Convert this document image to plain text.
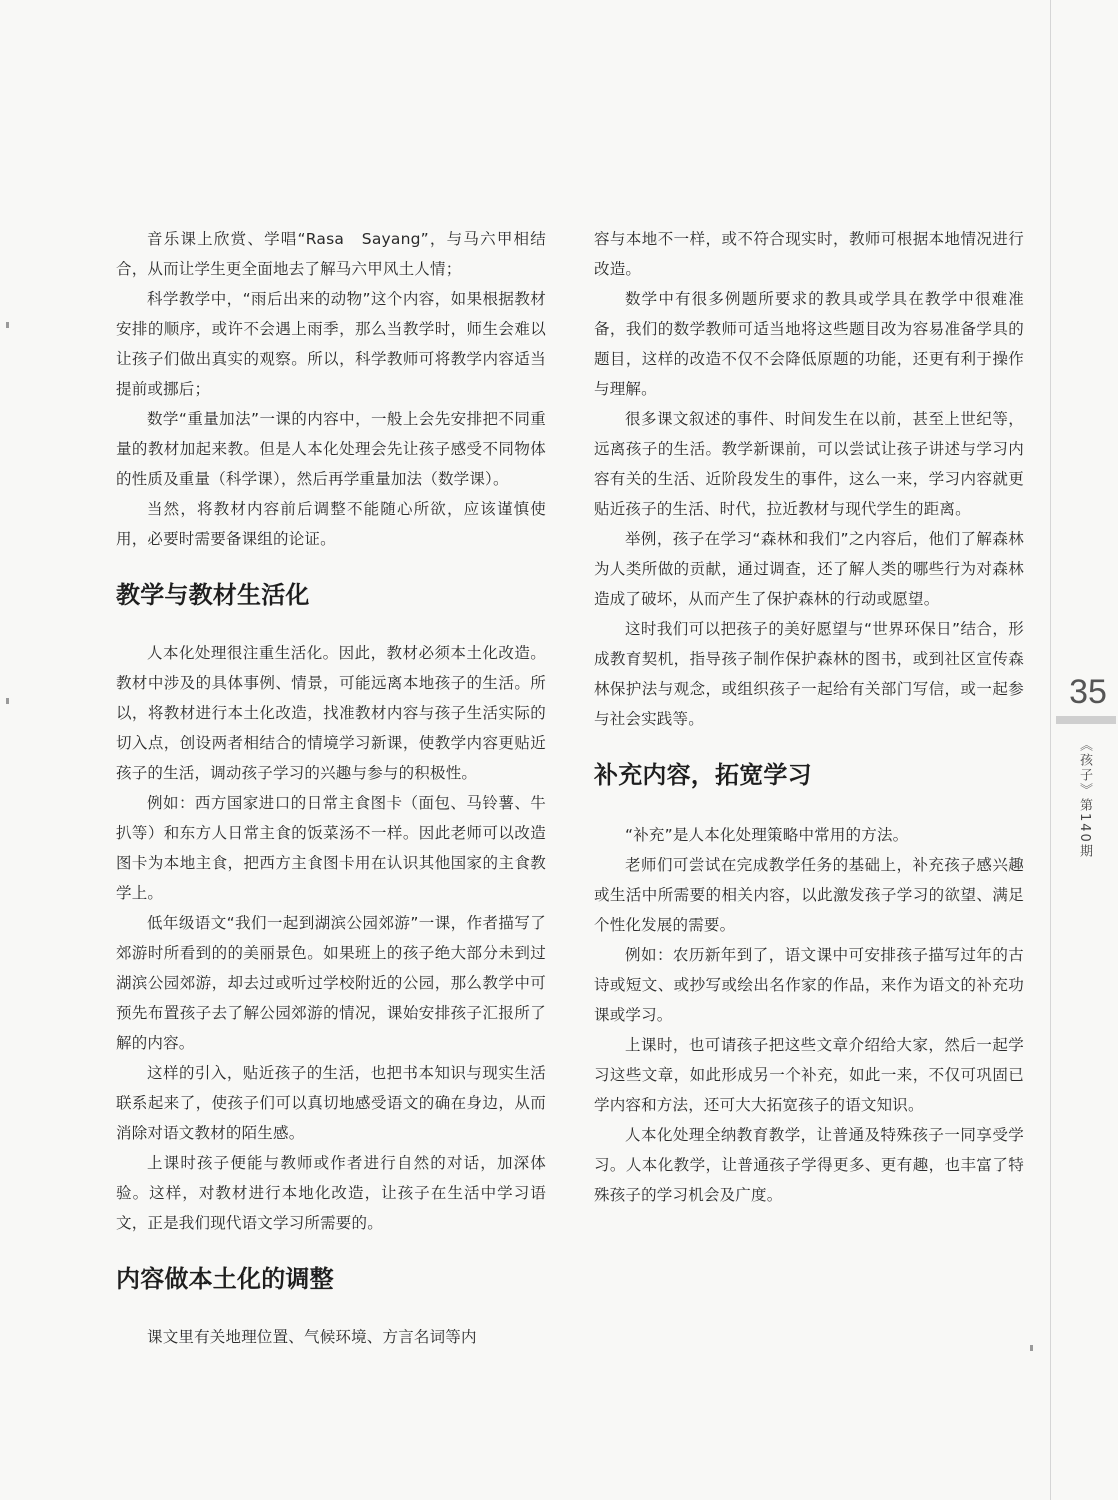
音乐课上欣赏、学唱“Rasa　Sayang”，与马六甲相结合，从而让学生更全面地去了解马六甲风土人情；

科学教学中，“雨后出来的动物”这个内容，如果根据教材安排的顺序，或许不会遇上雨季，那么当教学时，师生会难以让孩子们做出真实的观察。所以，科学教师可将教学内容适当提前或挪后；

数学“重量加法”一课的内容中，一般上会先安排把不同重量的教材加起来教。但是人本化处理会先让孩子感受不同物体的性质及重量（科学课），然后再学重量加法（数学课）。

当然，将教材内容前后调整不能随心所欲，应该谨慎使用，必要时需要备课组的论证。

教学与教材生活化

人本化处理很注重生活化。因此，教材必须本土化改造。教材中涉及的具体事例、情景，可能远离本地孩子的生活。所以，将教材进行本土化改造，找准教材内容与孩子生活实际的切入点，创设两者相结合的情境学习新课，使教学内容更贴近孩子的生活，调动孩子学习的兴趣与参与的积极性。

例如：西方国家进口的日常主食图卡（面包、马铃薯、牛扒等）和东方人日常主食的饭菜汤不一样。因此老师可以改造图卡为本地主食，把西方主食图卡用在认识其他国家的主食教学上。

低年级语文“我们一起到湖滨公园郊游”一课，作者描写了郊游时所看到的的美丽景色。如果班上的孩子绝大部分未到过湖滨公园郊游，却去过或听过学校附近的公园，那么教学中可预先布置孩子去了解公园郊游的情况，课始安排孩子汇报所了解的内容。

这样的引入，贴近孩子的生活，也把书本知识与现实生活联系起来了，使孩子们可以真切地感受语文的确在身边，从而消除对语文教材的陌生感。

上课时孩子便能与教师或作者进行自然的对话，加深体验。这样，对教材进行本地化改造，让孩子在生活中学习语文，正是我们现代语文学习所需要的。

内容做本土化的调整

课文里有关地理位置、气候环境、方言名词等内

容与本地不一样，或不符合现实时，教师可根据本地情况进行改造。

数学中有很多例题所要求的教具或学具在教学中很难准备，我们的数学教师可适当地将这些题目改为容易准备学具的题目，这样的改造不仅不会降低原题的功能，还更有利于操作与理解。

很多课文叙述的事件、时间发生在以前，甚至上世纪等，远离孩子的生活。教学新课前，可以尝试让孩子讲述与学习内容有关的生活、近阶段发生的事件，这么一来，学习内容就更贴近孩子的生活、时代，拉近教材与现代学生的距离。

举例，孩子在学习“森林和我们”之内容后，他们了解森林为人类所做的贡献，通过调查，还了解人类的哪些行为对森林造成了破坏，从而产生了保护森林的行动或愿望。

这时我们可以把孩子的美好愿望与“世界环保日”结合，形成教育契机，指导孩子制作保护森林的图书，或到社区宣传森林保护法与观念，或组织孩子一起给有关部门写信，或一起参与社会实践等。

补充内容，拓宽学习

“补充”是人本化处理策略中常用的方法。

老师们可尝试在完成教学任务的基础上，补充孩子感兴趣或生活中所需要的相关内容，以此激发孩子学习的欲望、满足个性化发展的需要。

例如：农历新年到了，语文课中可安排孩子描写过年的古诗或短文、或抄写或绘出名作家的作品，来作为语文的补充功课或学习。

上课时，也可请孩子把这些文章介绍给大家，然后一起学习这些文章，如此形成另一个补充，如此一来，不仅可巩固已学内容和方法，还可大大拓宽孩子的语文知识。

人本化处理全纳教育教学，让普通及特殊孩子一同享受学习。人本化教学，让普通孩子学得更多、更有趣，也丰富了特殊孩子的学习机会及广度。

35
《孩子》第140期
